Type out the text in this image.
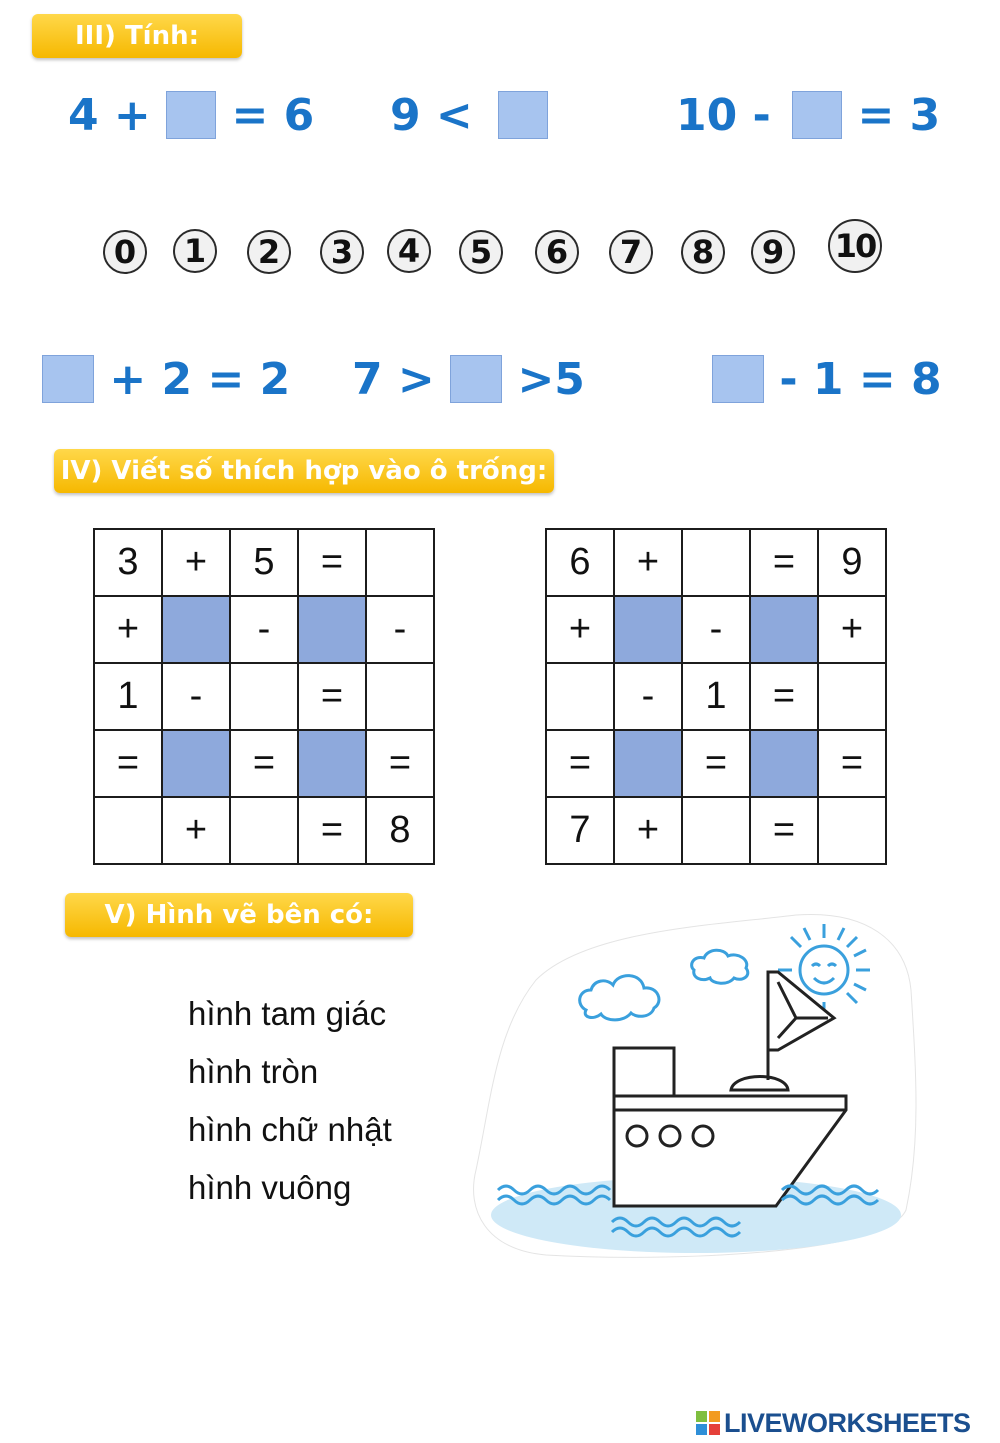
III) Tính:
4 + = 6 9 <	10 - = 3
0 1 2 3 4 5 6 7 8 9 10
+ 2 = 2 7 > >5	- 1 = 8
IV) Viết số thích hợp vào ô trống:
3	+	5	=	
+		-		-
1	-		=	
=		=		=
	+		=	8
6	+		=	9
+		-		+
	-	1	=	
=		=		=
7	+		=	
V) Hình vẽ bên có:
hình tam giác
hình tròn
hình chữ nhật
hình vuông
LIVEWORKSHEETS
